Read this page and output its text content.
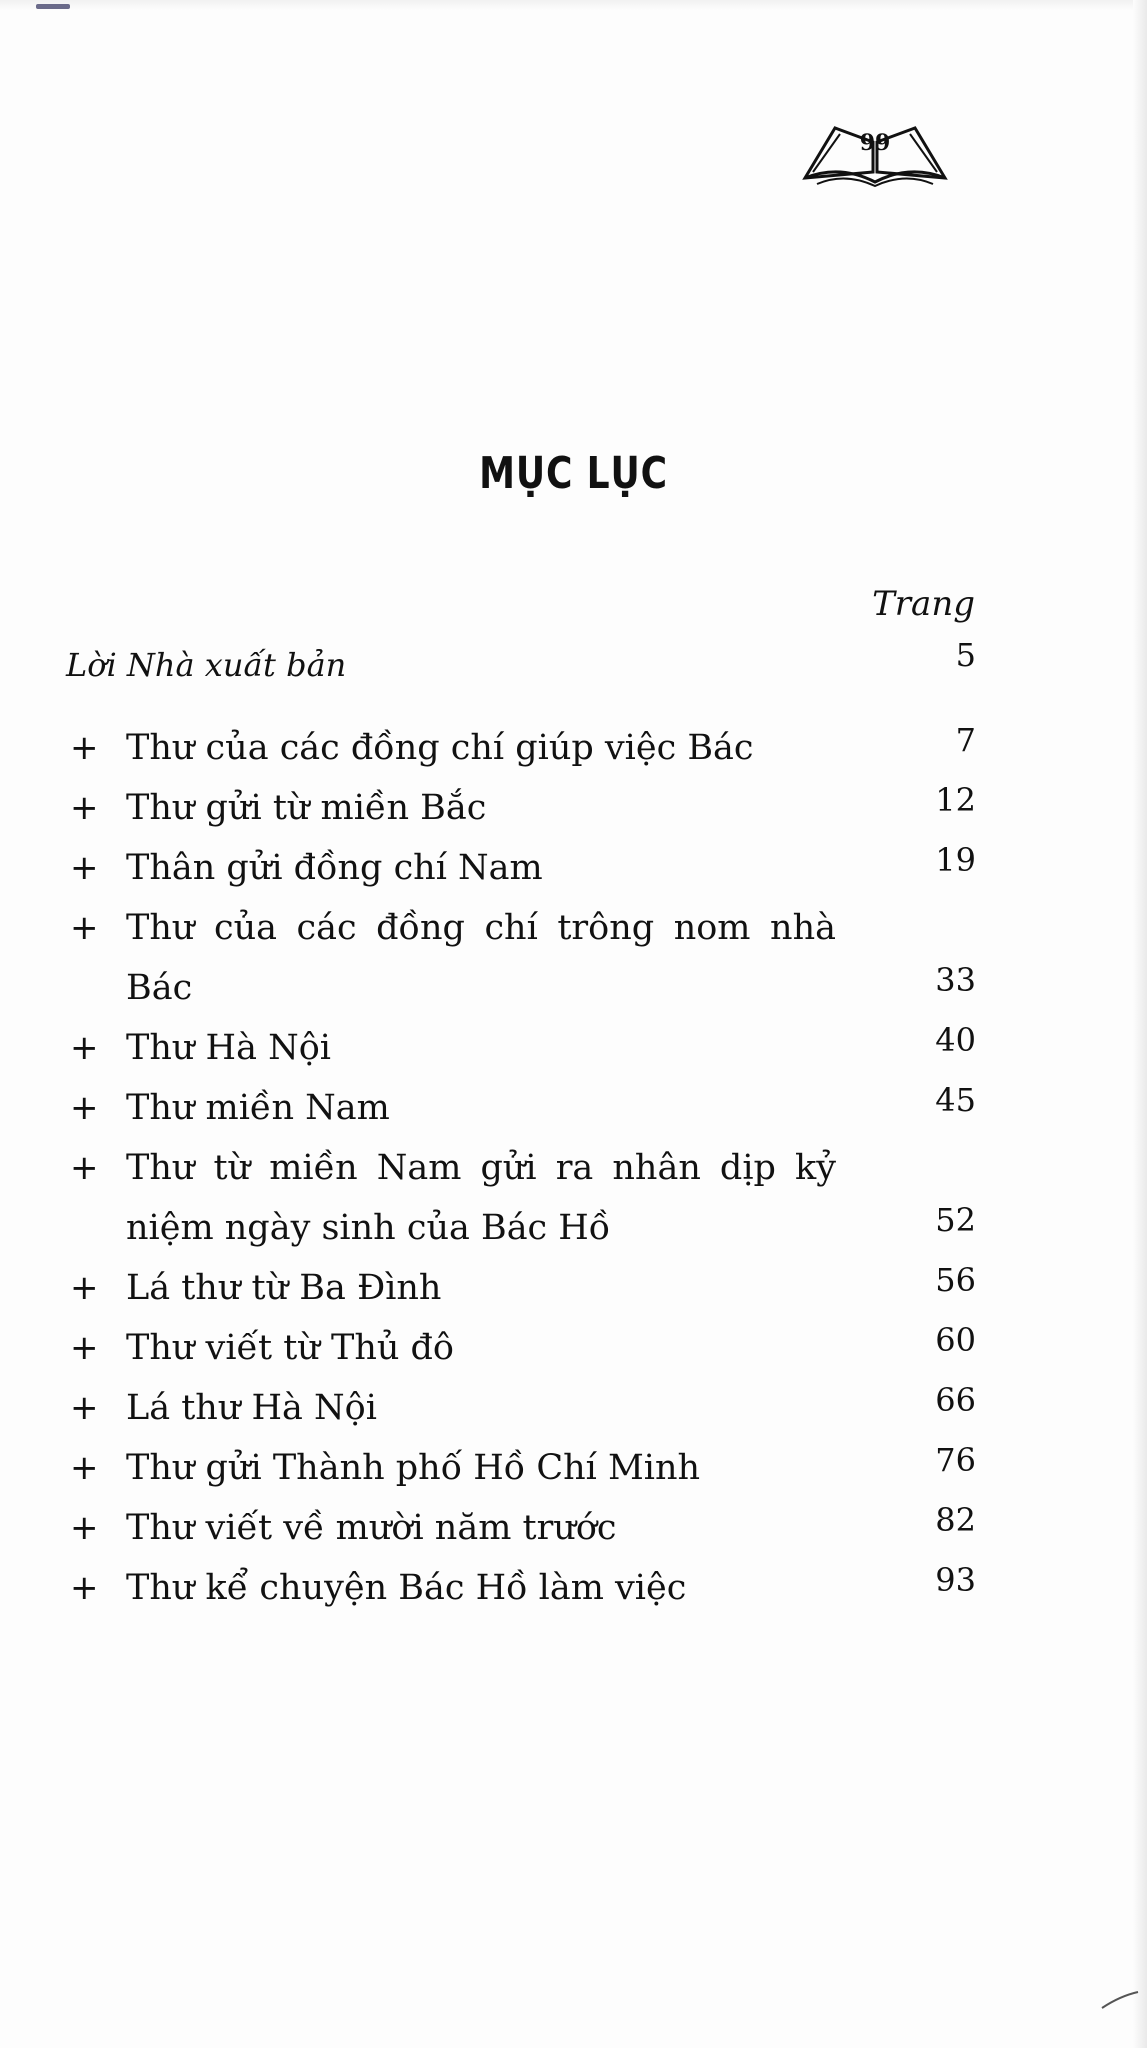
99
MỤC LỤC
Trang
Lời Nhà xuất bản	5
+ Thư của các đồng chí giúp việc Bác	7
+ Thư gửi từ miền Bắc	12
+ Thân gửi đồng chí Nam	19
+ Thư của các đồng chí trông nom nhà Bác	33
+ Thư Hà Nội	40
+ Thư miền Nam	45
+ Thư từ miền Nam gửi ra nhân dịp kỷ niệm ngày sinh của Bác Hồ	52
+ Lá thư từ Ba Đình	56
+ Thư viết từ Thủ đô	60
+ Lá thư Hà Nội	66
+ Thư gửi Thành phố Hồ Chí Minh	76
+ Thư viết về mười năm trước	82
+ Thư kể chuyện Bác Hồ làm việc	93
